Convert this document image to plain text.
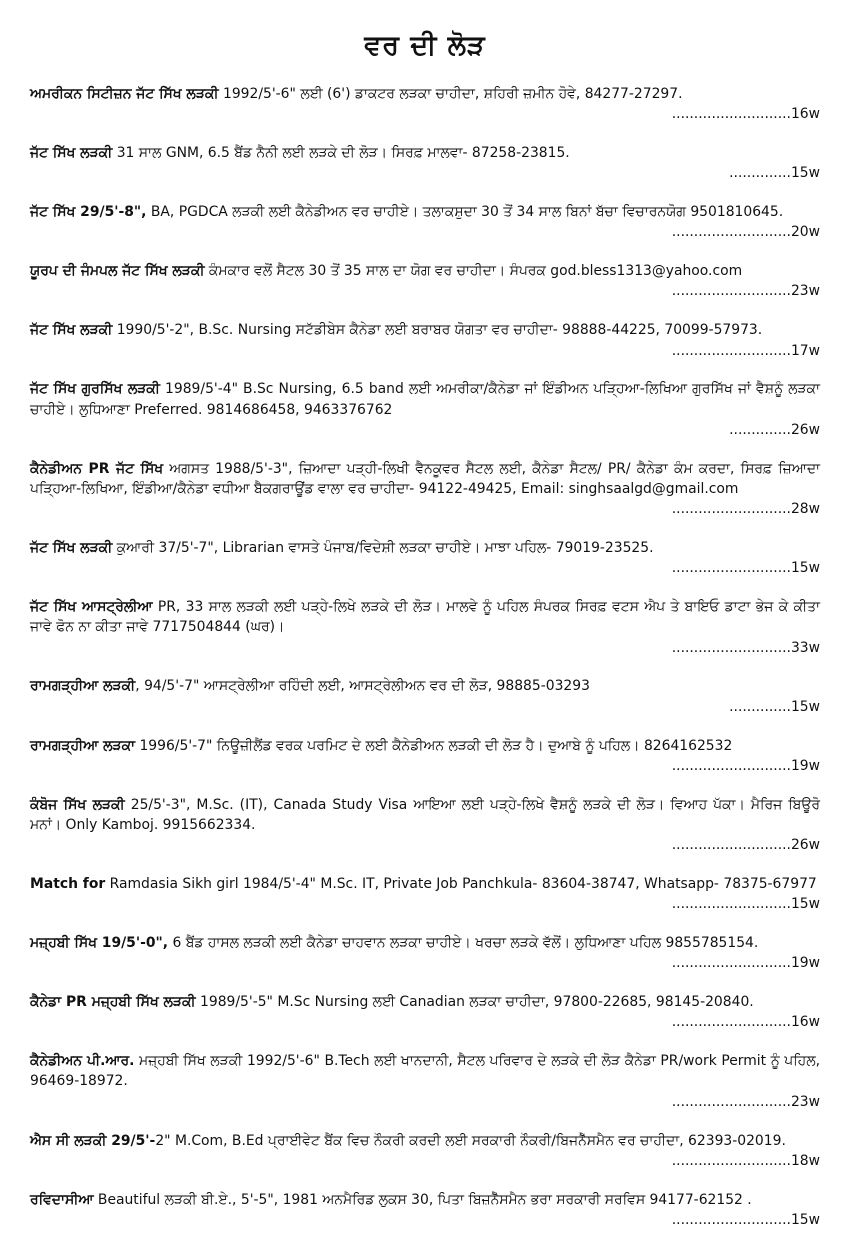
ਵਰ ਦੀ ਲੋੜ
ਅਮਰੀਕਨ ਸਿਟੀਜ਼ਨ ਜੱਟ ਸਿੱਖ ਲੜਕੀ 1992/5'-6" ਲਈ (6') ਡਾਕਟਰ ਲੜਕਾ ਚਾਹੀਦਾ, ਸ਼ਹਿਰੀ ਜ਼ਮੀਨ ਹੋਵੇ, 84277-27297.
...........................16w
ਜੱਟ ਸਿੱਖ ਲੜਕੀ 31 ਸਾਲ GNM, 6.5 ਬੈਂਡ ਨੈਨੀ ਲਈ ਲੜਕੇ ਦੀ ਲੋੜ। ਸਿਰਫ਼ ਮਾਲਵਾ- 87258-23815.
..............15w
ਜੱਟ ਸਿੱਖ 29/5'-8", BA, PGDCA ਲੜਕੀ ਲਈ ਕੈਨੇਡੀਅਨ ਵਰ ਚਾਹੀਏ। ਤਲਾਕਸ਼ੁਦਾ 30 ਤੋਂ 34 ਸਾਲ ਬਿਨਾਂ ਬੱਚਾ ਵਿਚਾਰਨਯੋਗ 9501810645.
...........................20w
ਯੂਰਪ ਦੀ ਜੰਮਪਲ ਜੱਟ ਸਿੱਖ ਲੜਕੀ ਕੰਮਕਾਰ ਵਲੋਂ ਸੈਟਲ 30 ਤੋਂ 35 ਸਾਲ ਦਾ ਯੋਗ ਵਰ ਚਾਹੀਦਾ। ਸੰਪਰਕ god.bless1313@yahoo.com
...........................23w
ਜੱਟ ਸਿੱਖ ਲੜਕੀ 1990/5'-2", B.Sc. Nursing ਸਟੱਡੀਬੇਸ ਕੈਨੇਡਾ ਲਈ ਬਰਾਬਰ ਯੋਗਤਾ ਵਰ ਚਾਹੀਦਾ- 98888-44225, 70099-57973.
...........................17w
ਜੱਟ ਸਿੱਖ ਗੁਰਸਿੱਖ ਲੜਕੀ 1989/5'-4" B.Sc Nursing, 6.5 band ਲਈ ਅਮਰੀਕਾ/ਕੈਨੇਡਾ ਜਾਂ ਇੰਡੀਅਨ ਪੜ੍ਹਿਆ-ਲਿਖਿਆ ਗੁਰਸਿੱਖ ਜਾਂ ਵੈਸ਼ਨੂੰ ਲੜਕਾ ਚਾਹੀਏ। ਲੁਧਿਆਣਾ Preferred. 9814686458, 9463376762
..............26w
ਕੈਨੇਡੀਅਨ PR ਜੱਟ ਸਿੱਖ ਅਗਸਤ 1988/5'-3", ਜ਼ਿਆਦਾ ਪੜ੍ਹੀ-ਲਿਖੀ ਵੈਨਕੂਵਰ ਸੈਟਲ ਲਈ, ਕੈਨੇਡਾ ਸੈਟਲ/ PR/ ਕੈਨੇਡਾ ਕੰਮ ਕਰਦਾ, ਸਿਰਫ਼ ਜ਼ਿਆਦਾ ਪੜ੍ਹਿਆ-ਲਿਖਿਆ, ਇੰਡੀਆ/ਕੈਨੇਡਾ ਵਧੀਆ ਬੈਕਗਰਾਊਂਡ ਵਾਲਾ ਵਰ ਚਾਹੀਦਾ- 94122-49425, Email: singhsaalgd@gmail.com
...........................28w
ਜੱਟ ਸਿੱਖ ਲੜਕੀ ਕੁਆਰੀ 37/5'-7", Librarian ਵਾਸਤੇ ਪੰਜਾਬ/ਵਿਦੇਸ਼ੀ ਲੜਕਾ ਚਾਹੀਏ। ਮਾਝਾ ਪਹਿਲ- 79019-23525.
...........................15w
ਜੱਟ ਸਿੱਖ ਆਸਟ੍ਰੇਲੀਆ PR, 33 ਸਾਲ ਲੜਕੀ ਲਈ ਪੜ੍ਹੇ-ਲਿਖੇ ਲੜਕੇ ਦੀ ਲੋੜ। ਮਾਲਵੇ ਨੂੰ ਪਹਿਲ ਸੰਪਰਕ ਸਿਰਫ਼ ਵਟਸ ਐਪ ਤੇ ਬਾਇਓ ਡਾਟਾ ਭੇਜ ਕੇ ਕੀਤਾ ਜਾਵੇ ਫੋਨ ਨਾ ਕੀਤਾ ਜਾਵੇ 7717504844 (ਘਰ)।
...........................33w
ਰਾਮਗੜ੍ਹੀਆ ਲੜਕੀ, 94/5'-7" ਆਸਟ੍ਰੇਲੀਆ ਰਹਿੰਦੀ ਲਈ, ਆਸਟ੍ਰੇਲੀਅਨ ਵਰ ਦੀ ਲੋੜ, 98885-03293
..............15w
ਰਾਮਗੜ੍ਹੀਆ ਲੜਕਾ 1996/5'-7" ਨਿਊਜ਼ੀਲੈਂਡ ਵਰਕ ਪਰਮਿਟ ਦੇ ਲਈ ਕੈਨੇਡੀਅਨ ਲੜਕੀ ਦੀ ਲੋੜ ਹੈ। ਦੁਆਬੇ ਨੂੰ ਪਹਿਲ। 8264162532
...........................19w
ਕੰਬੋਜ ਸਿੱਖ ਲੜਕੀ 25/5'-3", M.Sc. (IT), Canada Study Visa ਆਇਆ ਲਈ ਪੜ੍ਹੇ-ਲਿਖੇ ਵੈਸ਼ਨੂੰ ਲੜਕੇ ਦੀ ਲੋੜ। ਵਿਆਹ ਪੱਕਾ। ਮੈਰਿਜ ਬਿਊਰੋ ਮਨਾਂ। Only Kamboj. 9915662334.
...........................26w
Match for Ramdasia Sikh girl 1984/5'-4" M.Sc. IT, Private Job Panchkula- 83604-38747, Whatsapp- 78375-67977
...........................15w
ਮਜ਼੍ਹਬੀ ਸਿੱਖ 19/5'-0", 6 ਬੈਂਡ ਹਾਸਲ ਲੜਕੀ ਲਈ ਕੈਨੇਡਾ ਚਾਹਵਾਨ ਲੜਕਾ ਚਾਹੀਏ। ਖਰਚਾ ਲੜਕੇ ਵੱਲੋਂ। ਲੁਧਿਆਣਾ ਪਹਿਲ 9855785154.
...........................19w
ਕੈਨੇਡਾ PR ਮਜ਼੍ਹਬੀ ਸਿੱਖ ਲੜਕੀ 1989/5'-5" M.Sc Nursing ਲਈ Canadian ਲੜਕਾ ਚਾਹੀਦਾ, 97800-22685, 98145-20840.
...........................16w
ਕੈਨੇਡੀਅਨ ਪੀ.ਆਰ. ਮਜ਼੍ਹਬੀ ਸਿੱਖ ਲੜਕੀ 1992/5'-6" B.Tech ਲਈ ਖਾਨਦਾਨੀ, ਸੈਟਲ ਪਰਿਵਾਰ ਦੇ ਲੜਕੇ ਦੀ ਲੋੜ ਕੈਨੇਡਾ PR/work Permit ਨੂੰ ਪਹਿਲ, 96469-18972.
...........................23w
ਐਸ ਸੀ ਲੜਕੀ 29/5'-2" M.Com, B.Ed ਪ੍ਰਾਈਵੇਟ ਬੈਂਕ ਵਿਚ ਨੌਕਰੀ ਕਰਦੀ ਲਈ ਸਰਕਾਰੀ ਨੌਕਰੀ/ਬਿਜਨੈੱਸਮੈਨ ਵਰ ਚਾਹੀਦਾ, 62393-02019.
...........................18w
ਰਵਿਦਾਸੀਆ Beautiful ਲੜਕੀ ਬੀ.ਏ., 5'-5", 1981 ਅਨਮੈਰਿਡ ਲੁਕਸ 30, ਪਿਤਾ ਬਿਜ਼ਨੈੱਸਮੈਨ ਭਰਾ ਸਰਕਾਰੀ ਸਰਵਿਸ 94177-62152 .
...........................15w
